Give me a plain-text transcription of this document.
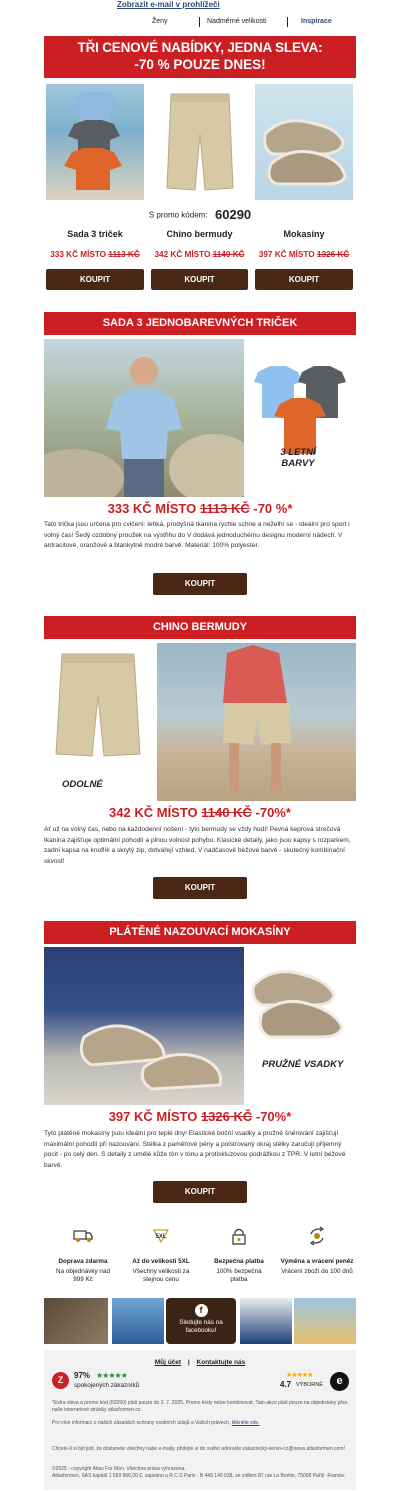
Zobrazit e-mail v prohlížeči
Ženy	Nadměrné velikosti	Inspirace
TŘI CENOVÉ NABÍDKY, JEDNA SLEVA:
-70 % POUZE DNES!
S promo kódem: 60290
Sada 3 triček	Chino bermudy	Mokasíny
333 KČ MÍSTO 1113 KČ	342 KČ MÍSTO 1140 KČ	397 KČ MÍSTO 1326 KČ
KOUPIT	KOUPIT	KOUPIT
SADA 3 JEDNOBAREVNÝCH TRIČEK
3 LETNÍ BARVY
333 KČ MÍSTO 1113 KČ -70 %*
Tato trička jsou určena pro cvičení: lehká, prodyšná tkanina rychle schne a neželhí se - ideální pro sport i volný čas! Šedý ozdobný proužek na výstřihu do V dodává jednoduchému designu moderní nádech. V antracitové, oranžové a blankytně modré barvě. Materiál: 100% polyester.
KOUPIT
CHINO BERMUDY
ODOLNÉ
342 KČ MÍSTO 1140 KČ -70%*
Ať už na volný čas, nebo na každodenní nošení - tyto bermudy se vždy hodí! Pevná keprová strečová tkanina zajišťuje optimální pohodlí a plnou volnost pohybu. Klasické detaily, jako jsou kapsy s rozparkem, zadní kapsa na knoflík a skrytý zip, dotvářejí vzhled. V nadčasové béžové barvě - skutečný kombinační skvost!
KOUPIT
PLÁTĚNÉ NAZOUVACÍ MOKASÍNY
PRUŽNÉ VSADKY
397 KČ MÍSTO 1326 KČ -70%*
Tyto plátěné mokasíny jsou ideální pro teplé dny! Elastické boční vsadky a pružné šněrování zajišťují maximální pohodlí při nazouvání. Stélka z paměťové pěny a polstrovaný okraj stélky zaručují příjemný pocit - po celý den. S detaily z umělé kůže tón v tónu a protiskluzovou podrážkou z TPR. V letní béžové barvě.
KOUPIT
Doprava zdarma
Na objednávky nad 999 Kč
5XL
Až do velikosti 5XL
Všechny velikosti za stejnou cenu
Bezpečná platba
100% bezpečná platba
Výměna a vrácení peněz
Vrácení zboží do 100 dnů
f
Sledujte nás na facebooku!
Můj účet | Kontaktujte nás
Z	97% ★★★★★
spokojených zákazníků
★★★★★
4.7 VÝBORNĚ	e
*Extra sleva a promo kód (60290) platí pouze do 3. 7. 2025. Promo kódy nelze kombinovat. Tato akce platí pouze na objednávky přes naše internetové stránky atlasformen.cz.
Pro více informací o našich zásadách ochrany osobních údajů a Vašich právech, klikněte zde.
Chcete-li si být jistí, že dostanete všechny naše e-maily, přidejte si do svého adresáře zákaznický-servis-cz@news.atlasformen.com!
©2025 - copyright Atlas For Men. Všechna práva vyhrazena.
Atlasformen, SAS kapitál 1 659 866,00 €, zapsáno u R.C.S Paris - B 449 149 038, se sídlem 87 rue La Boétie, 75008 Paříž -Francie.
